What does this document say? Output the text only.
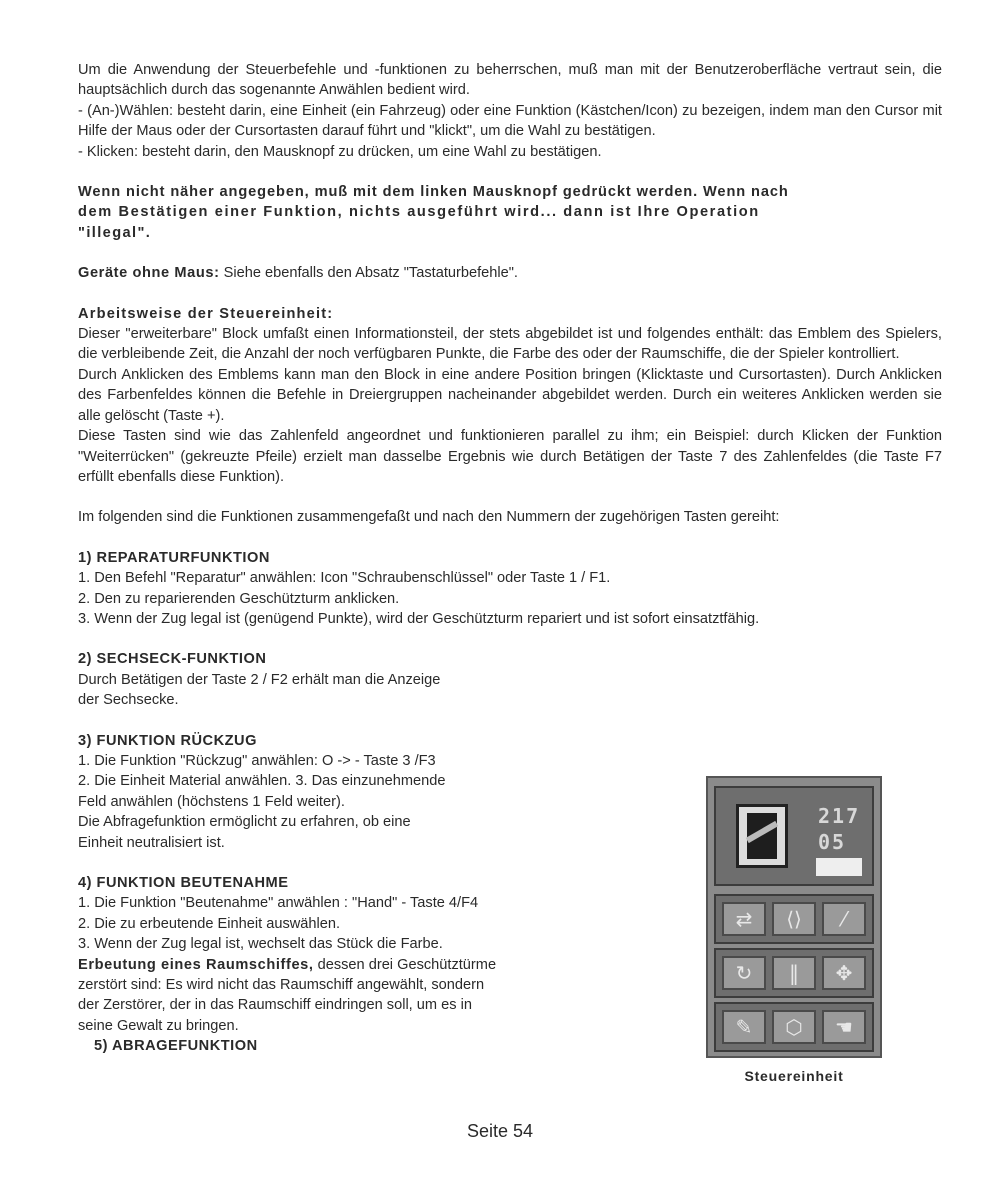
Um die Anwendung der Steuerbefehle und -funktionen zu beherrschen, muß man mit der Benutzeroberfläche vertraut sein, die hauptsächlich durch das sogenannte Anwählen bedient wird.

- (An-)Wählen: besteht darin, eine Einheit (ein Fahrzeug) oder eine Funktion (Kästchen/Icon) zu bezeigen, indem man den Cursor mit Hilfe der Maus oder der Cursortasten darauf führt und "klickt", um die Wahl zu bestätigen.

- Klicken: besteht darin, den Mausknopf zu drücken, um eine Wahl zu bestätigen.

Wenn nicht näher angegeben, muß mit dem linken Mausknopf gedrückt werden. Wenn nach

dem Bestätigen einer Funktion, nichts ausgeführt wird... dann ist Ihre Operation

"illegal".

Geräte ohne Maus: Siehe ebenfalls den Absatz "Tastaturbefehle".

Arbeitsweise der Steuereinheit:

Dieser "erweiterbare" Block umfaßt einen Informationsteil, der stets abgebildet ist und folgendes enthält: das Emblem des Spielers, die verbleibende Zeit, die Anzahl der noch verfügbaren Punkte, die Farbe des oder der Raumschiffe, die der Spieler kontrolliert.

Durch Anklicken des Emblems kann man den Block in eine andere Position bringen (Klicktaste und Cursortasten). Durch Anklicken des Farbenfeldes können die Befehle in Dreiergruppen nacheinander abgebildet werden. Durch ein weiteres Anklicken werden sie alle gelöscht (Taste +).

Diese Tasten sind wie das Zahlenfeld angeordnet und funktionieren parallel zu ihm; ein Beispiel: durch Klicken der Funktion "Weiterrücken" (gekreuzte Pfeile) erzielt man dasselbe Ergebnis wie durch Betätigen der Taste 7 des Zahlenfeldes (die Taste F7 erfüllt ebenfalls diese Funktion).

Im folgenden sind die Funktionen zusammengefaßt und nach den Nummern der zugehörigen Tasten gereiht:

1) REPARATURFUNKTION

1. Den Befehl "Reparatur" anwählen: Icon "Schraubenschlüssel" oder Taste 1 / F1.

2. Den zu reparierenden Geschützturm anklicken.

3. Wenn der Zug legal ist (genügend Punkte), wird der Geschützturm repariert und ist sofort einsatztfähig.

2) SECHSECK-FUNKTION

Durch Betätigen der Taste 2 / F2 erhält man die Anzeige

der Sechsecke.

3) FUNKTION RÜCKZUG

1. Die Funktion "Rückzug" anwählen: O -> - Taste 3 /F3

2. Die Einheit Material anwählen. 3. Das einzunehmende

Feld anwählen (höchstens 1 Feld weiter).

Die Abfragefunktion ermöglicht zu erfahren, ob eine

Einheit neutralisiert ist.

4) FUNKTION BEUTENAHME

1. Die Funktion "Beutenahme" anwählen : "Hand" - Taste 4/F4

2. Die zu erbeutende Einheit auswählen.

3. Wenn der Zug legal ist, wechselt das Stück die Farbe.

Erbeutung eines Raumschiffes, dessen drei Geschütztürme

zerstört sind: Es wird nicht das Raumschiff angewählt, sondern

der Zerstörer, der in das Raumschiff eindringen soll, um es in

seine Gewalt zu bringen.

5) ABRAGEFUNKTION

217
05
⇄	⟨⟩	⁄
↻	‖	✥
✎	⬡	☚
Steuereinheit
Seite 54
